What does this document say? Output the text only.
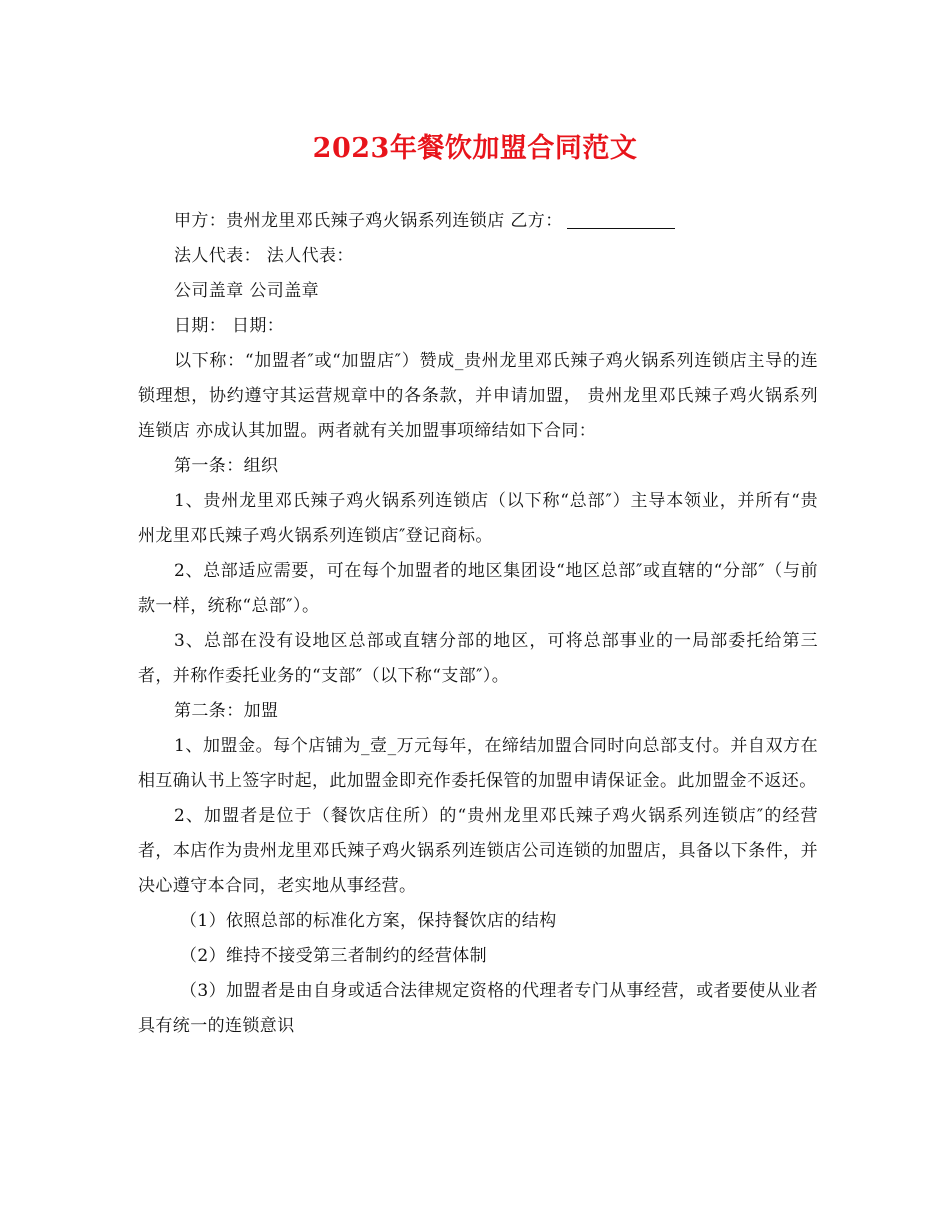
2023年餐饮加盟合同范文

甲方：贵州龙里邓氏辣子鸡火锅系列连锁店 乙方：

法人代表： 法人代表：

公司盖章 公司盖章

日期： 日期：

以下称：“加盟者″或“加盟店″）赞成_贵州龙里邓氏辣子鸡火锅系列连锁店主导的连锁理想，协约遵守其运营规章中的各条款，并申请加盟， 贵州龙里邓氏辣子鸡火锅系列连锁店 亦成认其加盟。两者就有关加盟事项缔结如下合同：

第一条：组织

1、贵州龙里邓氏辣子鸡火锅系列连锁店（以下称“总部″）主导本领业，并所有“贵州龙里邓氏辣子鸡火锅系列连锁店″登记商标。

2、总部适应需要，可在每个加盟者的地区集团设“地区总部″或直辖的“分部″（与前款一样，统称“总部″）。

3、总部在没有设地区总部或直辖分部的地区，可将总部事业的一局部委托给第三者，并称作委托业务的“支部″（以下称“支部″）。

第二条：加盟

1、加盟金。每个店铺为_壹_万元每年，在缔结加盟合同时向总部支付。并自双方在相互确认书上签字时起，此加盟金即充作委托保管的加盟申请保证金。此加盟金不返还。

2、加盟者是位于（餐饮店住所）的“贵州龙里邓氏辣子鸡火锅系列连锁店″的经营者，本店作为贵州龙里邓氏辣子鸡火锅系列连锁店公司连锁的加盟店，具备以下条件，并决心遵守本合同，老实地从事经营。

（1）依照总部的标准化方案，保持餐饮店的结构

（2）维持不接受第三者制约的经营体制

（3）加盟者是由自身或适合法律规定资格的代理者专门从事经营，或者要使从业者具有统一的连锁意识
